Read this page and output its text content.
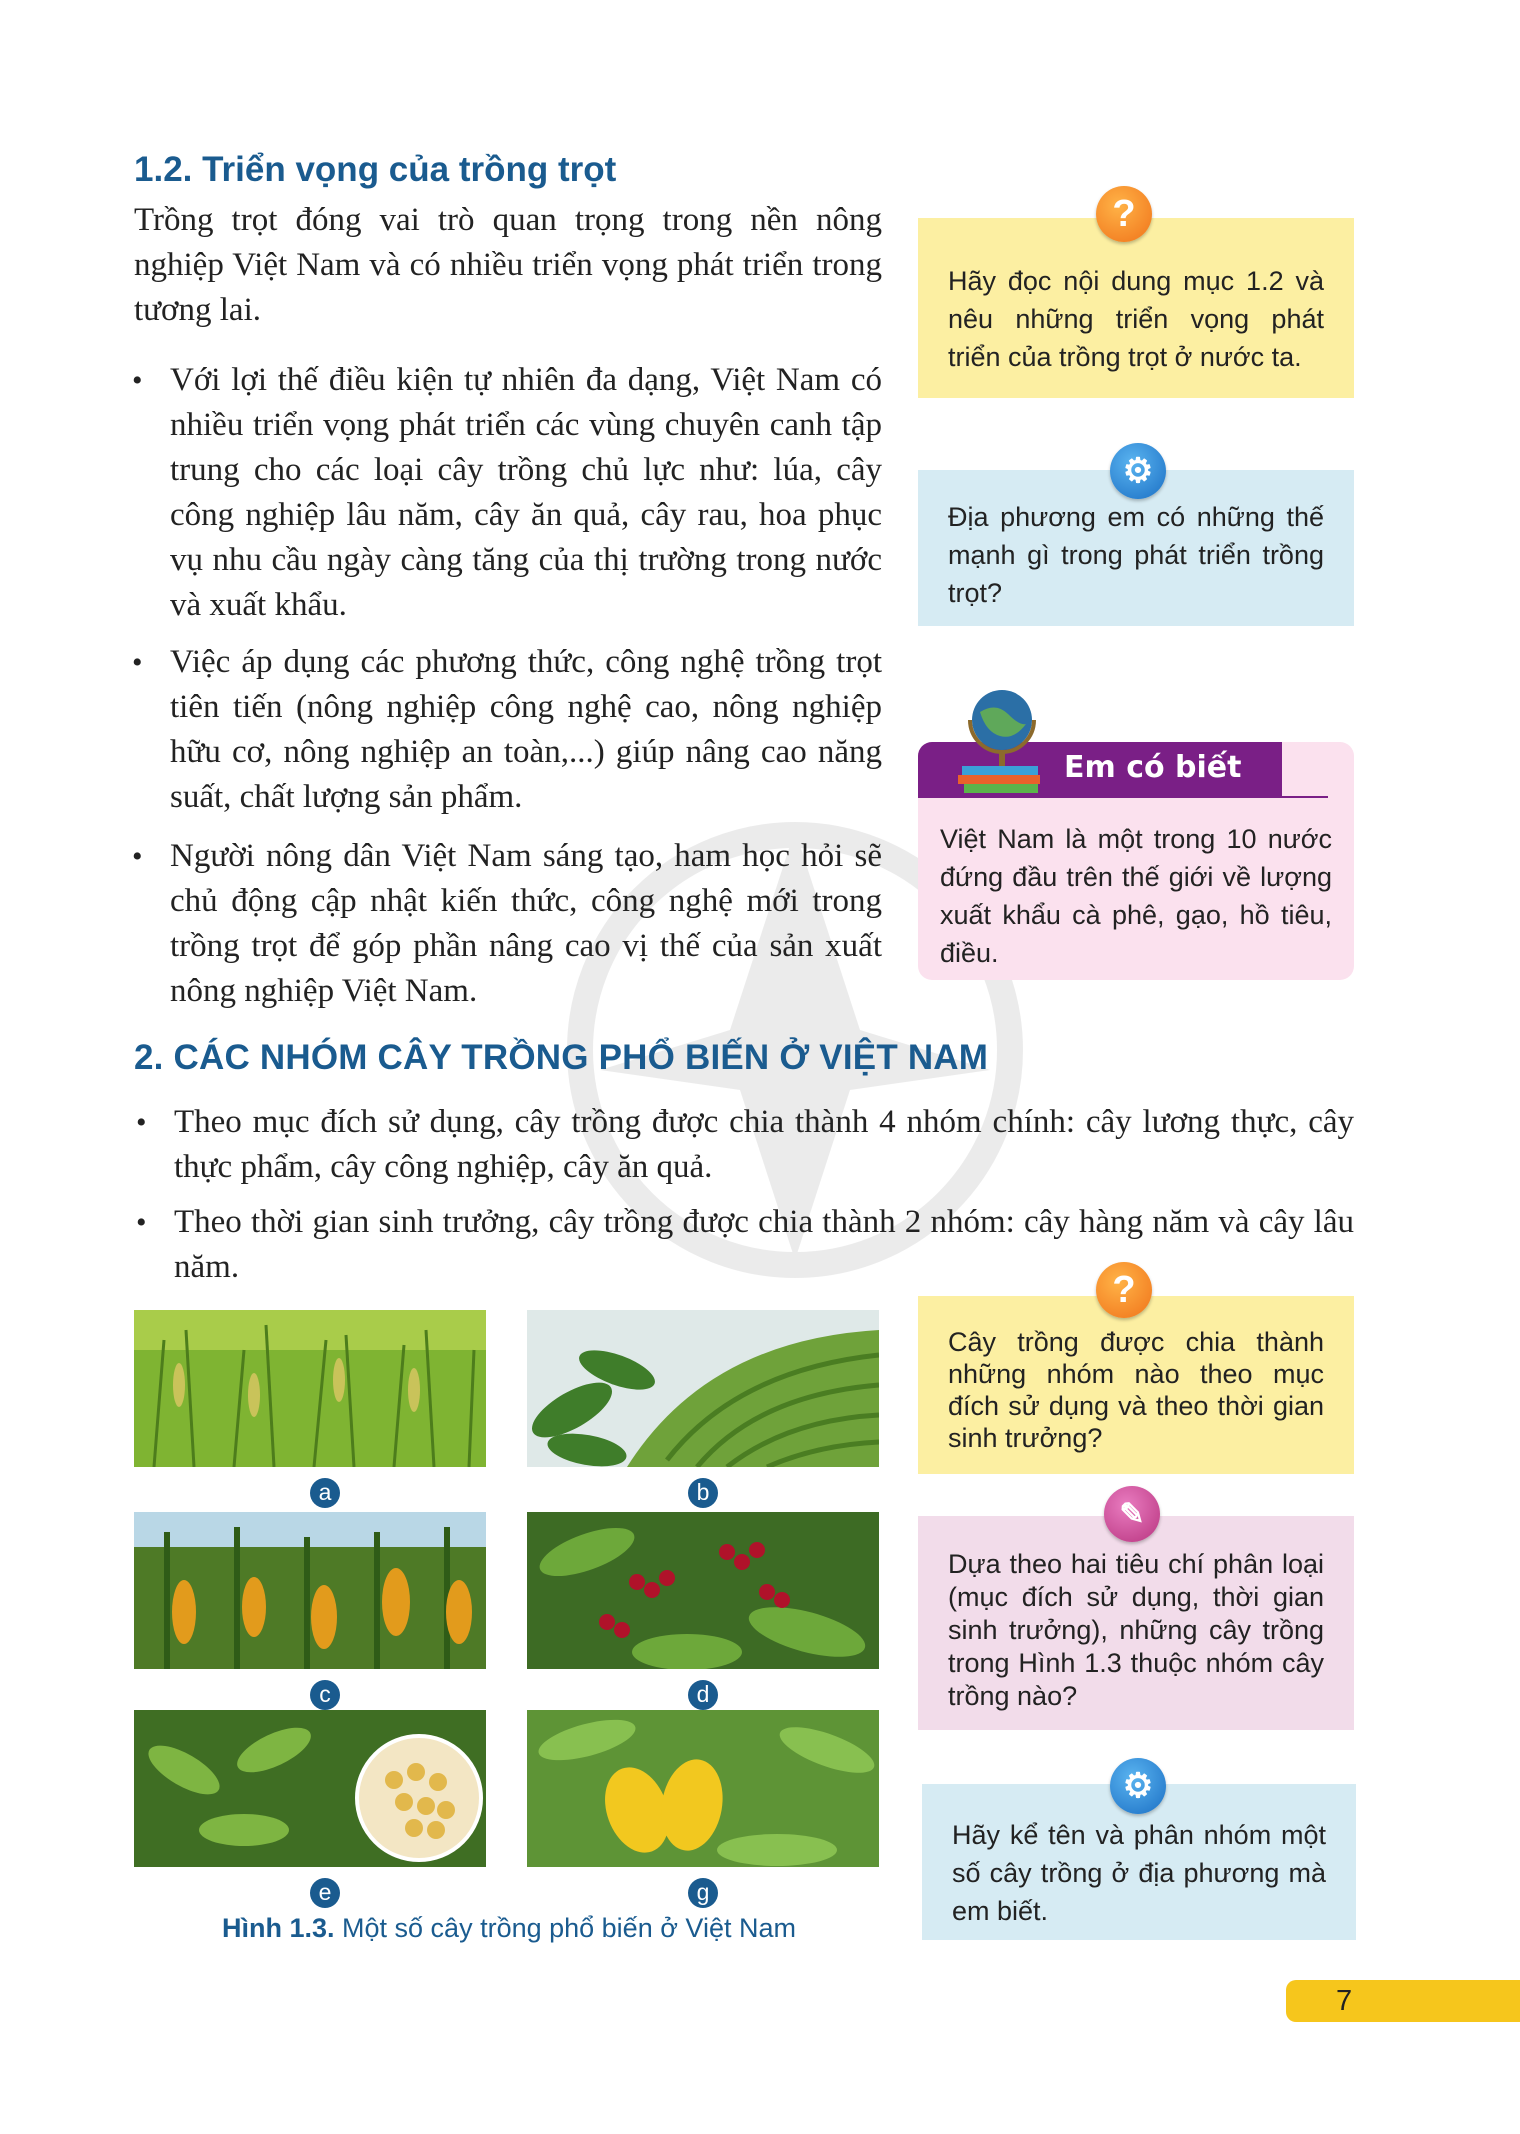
1.2. Triển vọng của trồng trọt

Trồng trọt đóng vai trò quan trọng trong nền nông nghiệp Việt Nam và có nhiều triển vọng phát triển trong tương lai.

• Với lợi thế điều kiện tự nhiên đa dạng, Việt Nam có nhiều triển vọng phát triển các vùng chuyên canh tập trung cho các loại cây trồng chủ lực như: lúa, cây công nghiệp lâu năm, cây ăn quả, cây rau, hoa phục vụ nhu cầu ngày càng tăng của thị trường trong nước và xuất khẩu.

• Việc áp dụng các phương thức, công nghệ trồng trọt tiên tiến (nông nghiệp công nghệ cao, nông nghiệp hữu cơ, nông nghiệp an toàn,...) giúp nâng cao năng suất, chất lượng sản phẩm.

• Người nông dân Việt Nam sáng tạo, ham học hỏi sẽ chủ động cập nhật kiến thức, công nghệ mới trong trồng trọt để góp phần nâng cao vị thế của sản xuất nông nghiệp Việt Nam.

Hãy đọc nội dung mục 1.2 và nêu những triển vọng phát triển của trồng trọt ở nước ta.

?

Địa phương em có những thế mạnh gì trong phát triển trồng trọt?

⚙

Việt Nam là một trong 10 nước đứng đầu trên thế giới về lượng xuất khẩu cà phê, gạo, hồ tiêu, điều.

Em có biết
2. CÁC NHÓM CÂY TRỒNG PHỔ BIẾN Ở VIỆT NAM
• Theo mục đích sử dụng, cây trồng được chia thành 4 nhóm chính: cây lương thực, cây thực phẩm, cây công nghiệp, cây ăn quả.

• Theo thời gian sinh trưởng, cây trồng được chia thành 2 nhóm: cây hàng năm và cây lâu năm.

a	b
c	d
e	g

Hình 1.3. Một số cây trồng phổ biến ở Việt Nam

Cây trồng được chia thành những nhóm nào theo mục đích sử dụng và theo thời gian sinh trưởng?

?

Dựa theo hai tiêu chí phân loại (mục đích sử dụng, thời gian sinh trưởng), những cây trồng trong Hình 1.3 thuộc nhóm cây trồng nào?

✎

Hãy kể tên và phân nhóm một số cây trồng ở địa phương mà em biết.

⚙
7
